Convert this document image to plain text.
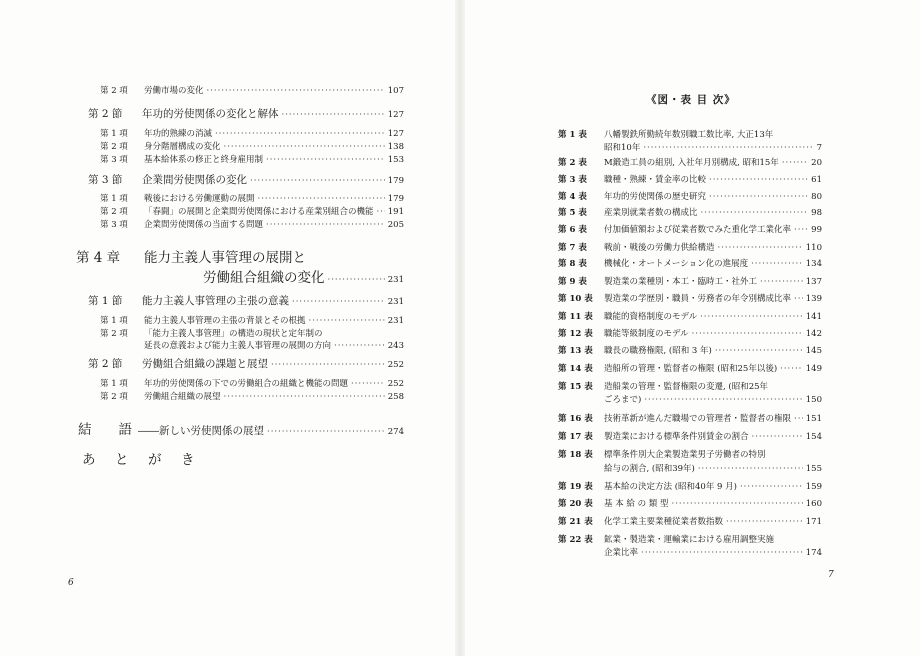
第 2 項	労働市場の変化 ·····	107
第 2 節	年功的労使関係の変化と解体 ·····	127
第 1 項	年功的熟練の消滅 ·····	127
第 2 項	身分階層構成の変化 ·····	138
第 3 項	基本給体系の修正と終身雇用制 ·····	153
第 3 節	企業間労使関係の変化 ·····	179
第 1 項	戦後における労働運動の展開 ·····	179
第 2 項	「春闘」の展開と企業間労使関係における産業別組合の機能 ····· 191
第 3 項	企業間労使関係の当面する問題 ·····	205
第 4 章	能力主義人事管理の展開と
労働組合組織の変化 ·····	231
第 1 節	能力主義人事管理の主張の意義 ·····	231
第 1 項	能力主義人事管理の主張の背景とその根拠 ·····	231
第 2 項	「能力主義人事管理」の構造の現状と定年制の
延長の意義および能力主義人事管理の展開の方向 ·····	243
第 2 節	労働組合組織の課題と展望 ·····	252
第 1 項	年功的労使関係の下での労働組合の組織と機能の問題 ·····	252
第 2 項	労働組合組織の展望 ·····	258
結　　語 ――新しい労使関係の展望 ·····	274
あ　と　が　き
6
《図・表 目 次》
第 1 表	八幡製鉄所勤続年数別職工数比率, 大正13年
昭和10年 ·····	7
第 2 表	M鍛造工員の組別, 入社年月別構成, 昭和15年 ·····	20
第 3 表	職種・熟練・賃金率の比較 ·····	61
第 4 表	年功的労使関係の歴史研究 ·····	80
第 5 表	産業別就業者数の構成比 ·····	98
第 6 表	付加価値額および従業者数でみた重化学工業化率 ····· 99
第 7 表	戦前・戦後の労働力供給構造 ·····	110
第 8 表	機械化・オートメーション化の進展度 ·····	134
第 9 表	製造業の業種別・本工・臨時工・社外工 ·····	137
第 10 表	製造業の学歴別・職員・労務者の年令別構成比率 ····· 139
第 11 表	職能的資格制度のモデル ·····	141
第 12 表	職能等級制度のモデル ·····	142
第 13 表	職長の職務権限, (昭和 3 年) ·····	145
第 14 表	造船所の管理・監督者の権限 (昭和25年以後) ·····	149
第 15 表	造船業の管理・監督権限の変遷, (昭和25年
ごろまで) ·····	150
第 16 表	技術革新が進んだ職場での管理者・監督者の権限 ····· 151
第 17 表	製造業における標準条件別賃金の割合 ·····	154
第 18 表	標準条件別大企業製造業男子労働者の特別
給与の割合, (昭和39年) ·····	155
第 19 表	基本給の決定方法 (昭和40年 9 月) ·····	159
第 20 表	基 本 給 の 類 型 ·····	160
第 21 表	化学工業主要業種従業者数指数 ·····	171
第 22 表	鉱業・製造業・運輸業における雇用調整実施
企業比率 ·····	174
7
